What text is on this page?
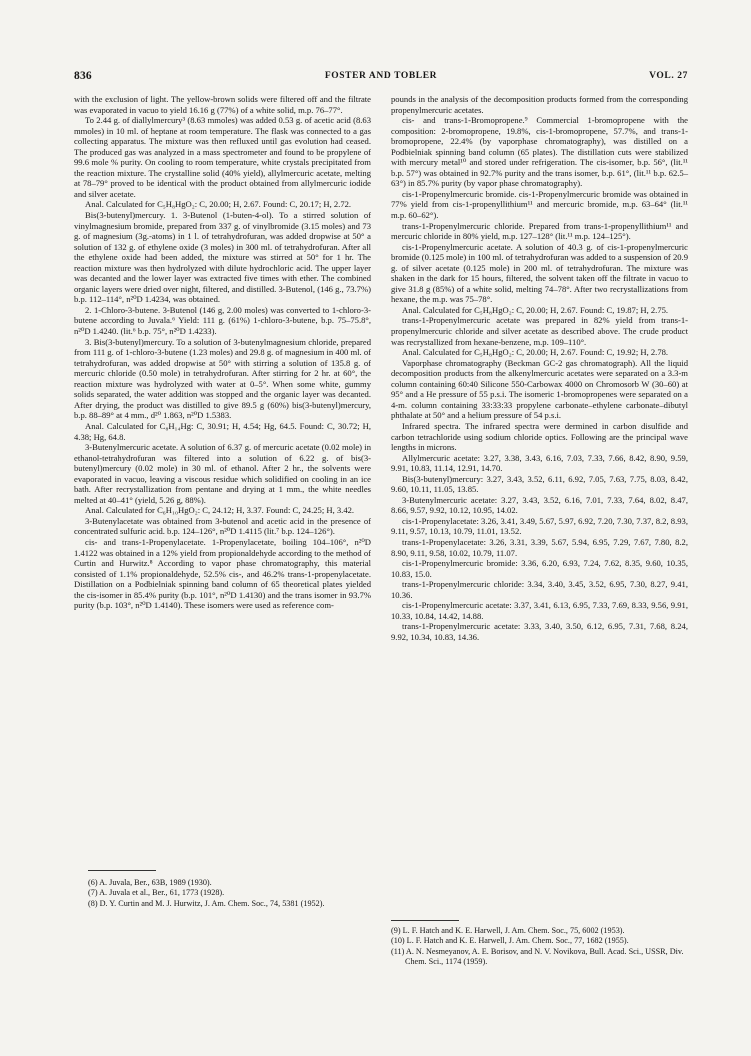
836	FOSTER AND TOBLER	VOL. 27

with the exclusion of light. The yellow-brown solids were filtered off and the filtrate was evaporated in vacuo to yield 16.16 g (77%) of a white solid, m.p. 76–77°.

To 2.44 g. of diallylmercury³ (8.63 mmoles) was added 0.53 g. of acetic acid (8.63 mmoles) in 10 ml. of heptane at room temperature. The flask was connected to a gas collecting apparatus. The mixture was then refluxed until gas evolution had ceased. The produced gas was analyzed in a mass spectrometer and found to be propylene of 99.6 mole % purity. On cooling to room temperature, white crystals precipitated from the reaction mixture. The crystalline solid (40% yield), allylmercuric acetate, melting at 78–79° proved to be identical with the product obtained from allylmercuric iodide and silver acetate.

Anal. Calculated for C₅H₈HgO₂: C, 20.00; H, 2.67. Found: C, 20.17; H, 2.72.

Bis(3-butenyl)mercury. 1. 3-Butenol (1-buten-4-ol). To a stirred solution of vinylmagnesium bromide, prepared from 337 g. of vinylbromide (3.15 moles) and 73 g. of magnesium (3g.-atoms) in 1 l. of tetrahydrofuran, was added dropwise at 50° a solution of 132 g. of ethylene oxide (3 moles) in 300 ml. of tetrahydrofuran. After all the ethylene oxide had been added, the mixture was stirred at 50° for 1 hr. The reaction mixture was then hydrolyzed with dilute hydrochloric acid. The upper layer was decanted and the lower layer was extracted five times with ether. The combined organic layers were dried over night, filtered, and distilled. 3-Butenol, (146 g., 73.7%) b.p. 112–114°, n²⁰D 1.4234, was obtained.

2. 1-Chloro-3-butene. 3-Butenol (146 g, 2.00 moles) was converted to 1-chloro-3-butene according to Juvala.⁶ Yield: 111 g. (61%) 1-chloro-3-butene, b.p. 75–75.8°, n²⁰D 1.4240. (lit.⁶ b.p. 75°, n²⁰D 1.4233).

3. Bis(3-butenyl)mercury. To a solution of 3-butenylmagnesium chloride, prepared from 111 g. of 1-chloro-3-butene (1.23 moles) and 29.8 g. of magnesium in 400 ml. of tetrahydrofuran, was added dropwise at 50° with stirring a solution of 135.8 g. of mercuric chloride (0.50 mole) in tetrahydrofuran. After stirring for 2 hr. at 60°, the reaction mixture was hydrolyzed with water at 0–5°. When some white, gummy solids separated, the water addition was stopped and the organic layer was decanted. After drying, the product was distilled to give 89.5 g (60%) bis(3-butenyl)mercury, b.p. 88–89° at 4 mm., d²⁰ 1.863, n²⁰D 1.5383.

Anal. Calculated for C₈H₁₄Hg: C, 30.91; H, 4.54; Hg, 64.5. Found: C, 30.72; H, 4.38; Hg, 64.8.

3-Butenylmercuric acetate. A solution of 6.37 g. of mercuric acetate (0.02 mole) in ethanol-tetrahydrofuran was filtered into a solution of 6.22 g. of bis(3-butenyl)mercury (0.02 mole) in 30 ml. of ethanol. After 2 hr., the solvents were evaporated in vacuo, leaving a viscous residue which solidified on cooling in an ice bath. After recrystallization from pentane and drying at 1 mm., the white needles melted at 40–41° (yield, 5.26 g, 88%).

Anal. Calculated for C₆H₁₀HgO₂: C, 24.12; H, 3.37. Found: C, 24.25; H, 3.42.

3-Butenylacetate was obtained from 3-butenol and acetic acid in the presence of concentrated sulfuric acid. b.p. 124–126°, n²⁰D 1.4115 (lit.⁷ b.p. 124–126°).

cis- and trans-1-Propenylacetate. 1-Propenylacetate, boiling 104–106°, n²⁰D 1.4122 was obtained in a 12% yield from propionaldehyde according to the method of Curtin and Hurwitz.⁸ According to vapor phase chromatography, this material consisted of 1.1% propionaldehyde, 52.5% cis-, and 46.2% trans-1-propenylacetate. Distillation on a Podbielniak spinning band column of 65 theoretical plates yielded the cis-isomer in 85.4% purity (b.p. 101°, n²⁰D 1.4130) and the trans isomer in 93.7% purity (b.p. 103°, n²⁰D 1.4140). These isomers were used as reference com-

pounds in the analysis of the decomposition products formed from the corresponding propenylmercuric acetates.

cis- and trans-1-Bromopropene.⁹ Commercial 1-bromopropene with the composition: 2-bromopropene, 19.8%, cis-1-bromopropene, 57.7%, and trans-1-bromopropene, 22.4% (by vaporphase chromatography), was distilled on a Podbielniak spinning band column (65 plates). The distillation cuts were stabilized with mercury metal¹⁰ and stored under refrigeration. The cis-isomer, b.p. 56°, (lit.¹¹ b.p. 57°) was obtained in 92.7% purity and the trans isomer, b.p. 61°, (lit.¹¹ b.p. 62.5–63°) in 85.7% purity (by vapor phase chromatography).

cis-1-Propenylmercuric bromide. cis-1-Propenylmercuric bromide was obtained in 77% yield from cis-1-propenyllithium¹¹ and mercuric bromide, m.p. 63–64° (lit.¹¹ m.p. 60–62°).

trans-1-Propenylmercuric chloride. Prepared from trans-1-propenyllithium¹¹ and mercuric chloride in 80% yield, m.p. 127–128° (lit.¹¹ m.p. 124–125°).

cis-1-Propenylmercuric acetate. A solution of 40.3 g. of cis-1-propenylmercuric bromide (0.125 mole) in 100 ml. of tetrahydrofuran was added to a suspension of 20.9 g. of silver acetate (0.125 mole) in 200 ml. of tetrahydrofuran. The mixture was shaken in the dark for 15 hours, filtered, the solvent taken off the filtrate in vacuo to give 31.8 g (85%) of a white solid, melting 74–78°. After two recrystallizations from hexane, the m.p. was 75–78°.

Anal. Calculated for C₅H₈HgO₂: C, 20.00; H, 2.67. Found: C, 19.87; H, 2.75.

trans-1-Propenylmercuric acetate was prepared in 82% yield from trans-1-propenylmercuric chloride and silver acetate as described above. The crude product was recrystallized from hexane-benzene, m.p. 109–110°.

Anal. Calculated for C₅H₈HgO₂: C, 20.00; H, 2.67. Found: C, 19.92; H, 2.78.

Vaporphase chromatography (Beckman GC-2 gas chromatograph). All the liquid decomposition products from the alkenylmercuric acetates were separated on a 3.3-m column containing 60:40 Silicone 550-Carbowax 4000 on Chromosorb W (30–60) at 95° and a He pressure of 55 p.s.i. The isomeric 1-bromopropenes were separated on a 4-m. column containing 33:33:33 propylene carbonate–ethylene carbonate–dibutyl phthalate at 50° and a helium pressure of 54 p.s.i.

Infrared spectra. The infrared spectra were dermined in carbon disulfide and carbon tetrachloride using sodium chloride optics. Following are the principal wave lengths in microns.

Allylmercuric acetate: 3.27, 3.38, 3.43, 6.16, 7.03, 7.33, 7.66, 8.42, 8.90, 9.59, 9.91, 10.83, 11.14, 12.91, 14.70.

Bis(3-butenyl)mercury: 3.27, 3.43, 3.52, 6.11, 6.92, 7.05, 7.63, 7.75, 8.03, 8.42, 9.60, 10.11, 11.05, 13.85.

3-Butenylmercuric acetate: 3.27, 3.43, 3.52, 6.16, 7.01, 7.33, 7.64, 8.02, 8.47, 8.66, 9.57, 9.92, 10.12, 10.95, 14.02.

cis-1-Propenylacetate: 3.26, 3.41, 3.49, 5.67, 5.97, 6.92, 7.20, 7.30, 7.37, 8.2, 8.93, 9.11, 9.57, 10.13, 10.79, 11.01, 13.52.

trans-1-Propenylacetate: 3.26, 3.31, 3.39, 5.67, 5.94, 6.95, 7.29, 7.67, 7.80, 8.2, 8.90, 9.11, 9.58, 10.02, 10.79, 11.07.

cis-1-Propenylmercuric bromide: 3.36, 6.20, 6.93, 7.24, 7.62, 8.35, 9.60, 10.35, 10.83, 15.0.

trans-1-Propenylmercuric chloride: 3.34, 3.40, 3.45, 3.52, 6.95, 7.30, 8.27, 9.41, 10.36.

cis-1-Propenylmercuric acetate: 3.37, 3.41, 6.13, 6.95, 7.33, 7.69, 8.33, 9.56, 9.91, 10.33, 10.84, 14.42, 14.88.

trans-1-Propenylmercuric acetate: 3.33, 3.40, 3.50, 6.12, 6.95, 7.31, 7.68, 8.24, 9.92, 10.34, 10.83, 14.36.

(6) A. Juvala, Ber., 63B, 1989 (1930).

(7) A. Juvala et al., Ber., 61, 1773 (1928).

(8) D. Y. Curtin and M. J. Hurwitz, J. Am. Chem. Soc., 74, 5381 (1952).

(9) L. F. Hatch and K. E. Harwell, J. Am. Chem. Soc., 75, 6002 (1953).

(10) L. F. Hatch and K. E. Harwell, J. Am. Chem. Soc., 77, 1682 (1955).

(11) A. N. Nesmeyanov, A. E. Borisov, and N. V. Novikova, Bull. Acad. Sci., USSR, Div. Chem. Sci., 1174 (1959).
